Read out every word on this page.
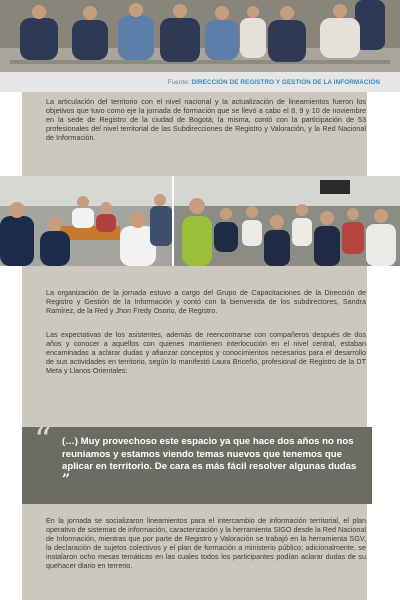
Fuente: DIRECCIÓN DE REGISTRO Y GESTIÓN DE LA INFORMACIÓN
La articulación del territorio con el nivel nacional y la actualización de lineamientos fueron los objetivos que tuvo como eje la jornada de formación que se llevó a cabo el 8, 9 y 10 de noviembre en la sede de Registro de la ciudad de Bogotá; la misma, contó con la participación de 53 profesionales del nivel territorial de las Subdirecciones de Registro y Valoración, y la Red Nacional de Información.
La organización de la jornada estuvo a cargo del Grupo de Capacitaciones de la Dirección de Registro y Gestión de la Información y contó con la bienvenida de los subdirectores, Sandra Ramírez, de la Red y Jhon Fredy Osorio, de Registro.
Las expectativas de los asistentes, además de reencontrarse con compañeros después de dos años y conocer a aquellos con quienes mantienen interlocución en el nivel central, estaban encaminadas a aclarar dudas y afianzar conceptos y conocimientos necesarios para el desarrollo de sus actividades en territorio, según lo manifestó Laura Briceño, profesional de Registro de la DT Meta y Llanos Orientales:
“ (…) Muy provechoso este espacio ya que hace dos años no nos reuniamos y estamos viendo temas nuevos que tenemos que aplicar en territorio. De cara es más fácil resolver algunas dudas ”
En la jornada se socializaron lineamientos para el intercambio de información territorial, el plan operativo de sistemas de información, caracterización y la herramienta SIGO desde la Red Nacional de Información, mientras que por parte de Registro y Valoración se trabajó en la herramienta SGV, la declaración de sujetos colectivos y el plan de formación a ministerio público; adicionalmente, se instalaron ocho mesas temáticas en las cuales todos los participantes podían aclarar dudas de su quehacer diario en terreno.
